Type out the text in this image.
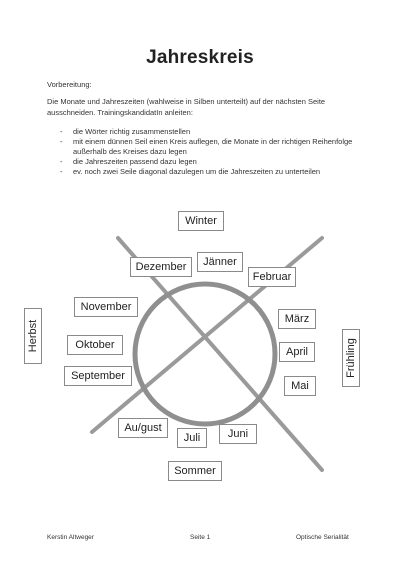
Jahreskreis
Vorbereitung:
Die Monate und Jahreszeiten (wahlweise in Silben unterteilt) auf der nächsten Seite ausschneiden. TrainingskandidatIn anleiten:
- die Wörter richtig zusammenstellen
- mit einem dünnen Seil einen Kreis auflegen, die Monate in der richtigen Reihenfolge außerhalb des Kreises dazu legen
- die Jahreszeiten passend dazu legen
- ev. noch zwei Seile diagonal dazulegen um die Jahreszeiten zu unterteilen
Winter
Dezember	Jänner
Februar
November
März
Oktober
April
September
Mai
Au/gust
Juli	Juni
Sommer
Herbst
Frühling
Kerstin Altweger	Seite 1	Optische Serialität
